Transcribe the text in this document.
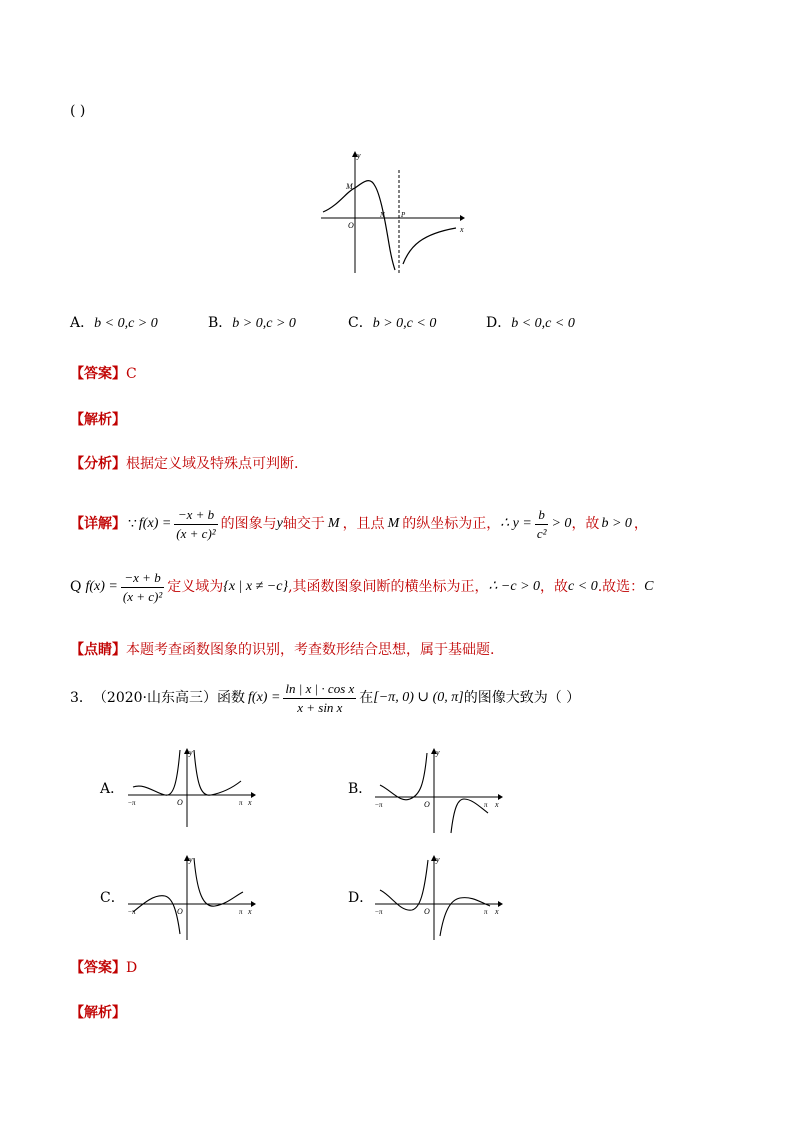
( )
y
x
M
O
N P
A．b < 0,c > 0	B．b > 0,c > 0	C．b > 0,c < 0	D．b < 0,c < 0
【答案】C
【解析】
【分析】根据定义域及特殊点可判断.
【详解】 ∵ $f(x) = \frac{-x + b}{\text{(x + c)²}}$ 的图象与 y 轴交于 M ，且点 M 的纵坐标为正， ∴ $y = \frac{b}{\text{c²}} > 0$ ，故 b > 0 ，
Q $f(x) = \frac{-x + b}{\text{(x + c)²}}$ 定义域为 {x | x ≠ −c} ,其函数图象间断的横坐标为正， ∴ −c > 0 ，故 c < 0 .故选： C
【点睛】本题考查函数图象的识别，考查数形结合思想，属于基础题.
3． （2020·山东高三）函数 $f(x) = \frac{\text{ln | x | · cos x}}{\text{x + sin x}}$ 在 [−π, 0) ∪ (0, π] 的图像大致为（ ）
A．
y
x
O
−π	π
B．
y
x
O
−π	π
C．
y
x
O
−π	π
D．
y
x
O
−π	π
【答案】D
【解析】
